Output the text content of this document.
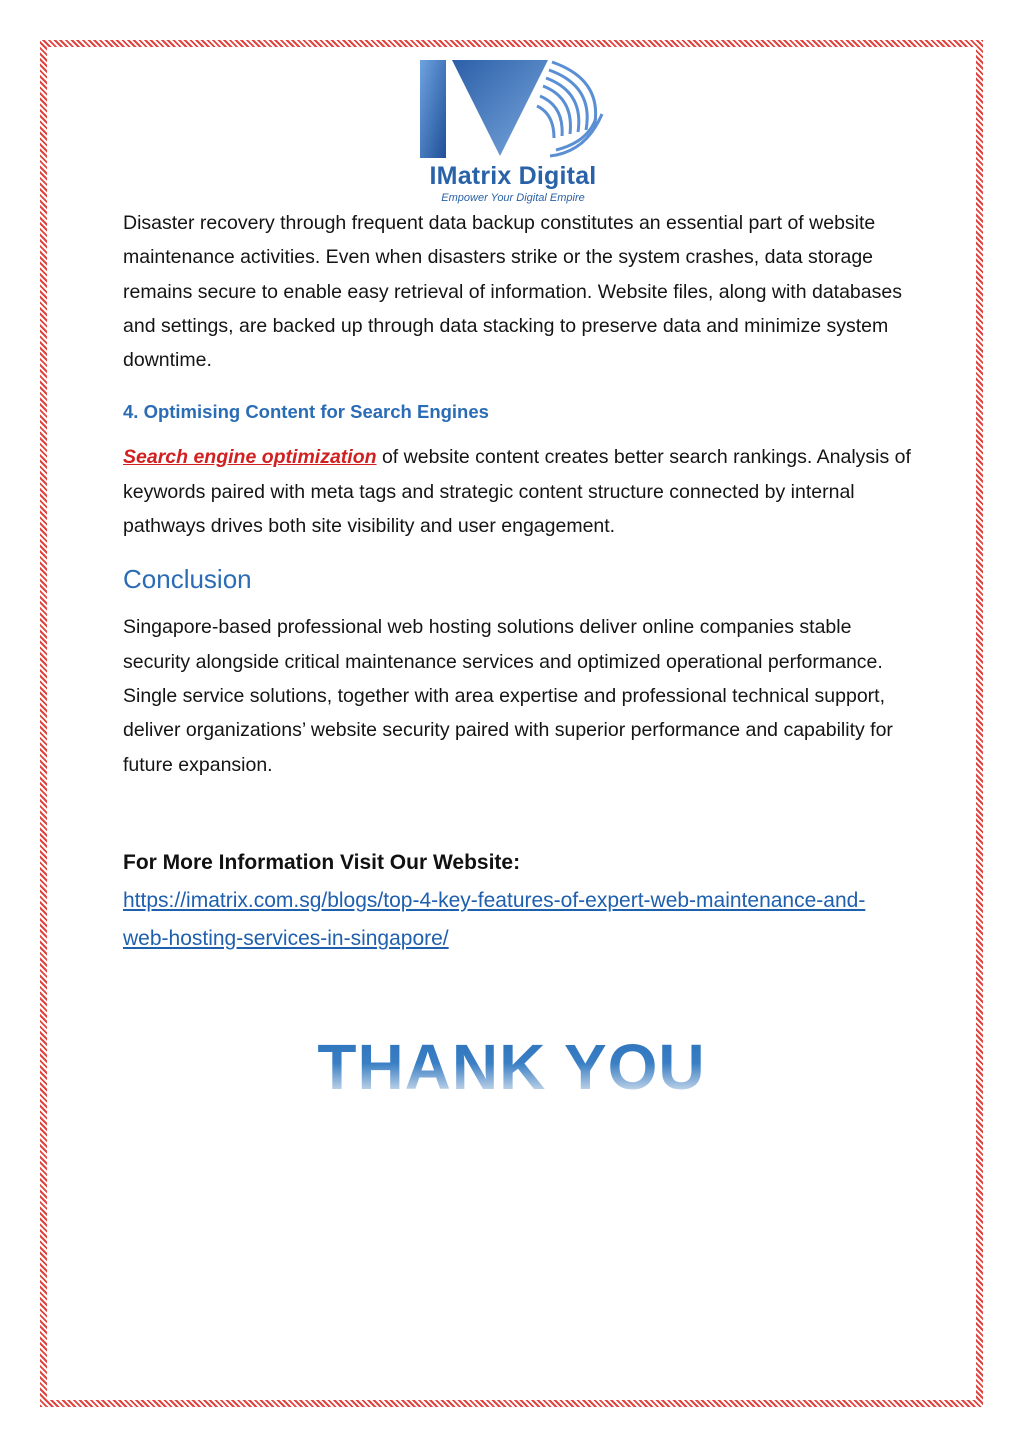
IMatrix Digital
Empower Your Digital Empire

Disaster recovery through frequent data backup constitutes an essential part of website maintenance activities. Even when disasters strike or the system crashes, data storage remains secure to enable easy retrieval of information. Website files, along with databases and settings, are backed up through data stacking to preserve data and minimize system downtime.

4. Optimising Content for Search Engines

Search engine optimization of website content creates better search rankings. Analysis of keywords paired with meta tags and strategic content structure connected by internal pathways drives both site visibility and user engagement.

Conclusion

Singapore-based professional web hosting solutions deliver online companies stable security alongside critical maintenance services and optimized operational performance. Single service solutions, together with area expertise and professional technical support, deliver organizations’ website security paired with superior performance and capability for future expansion.

For More Information Visit Our Website:

https://imatrix.com.sg/blogs/top-4-key-features-of-expert-web-maintenance-and-web-hosting-services-in-singapore/

THANK YOU
